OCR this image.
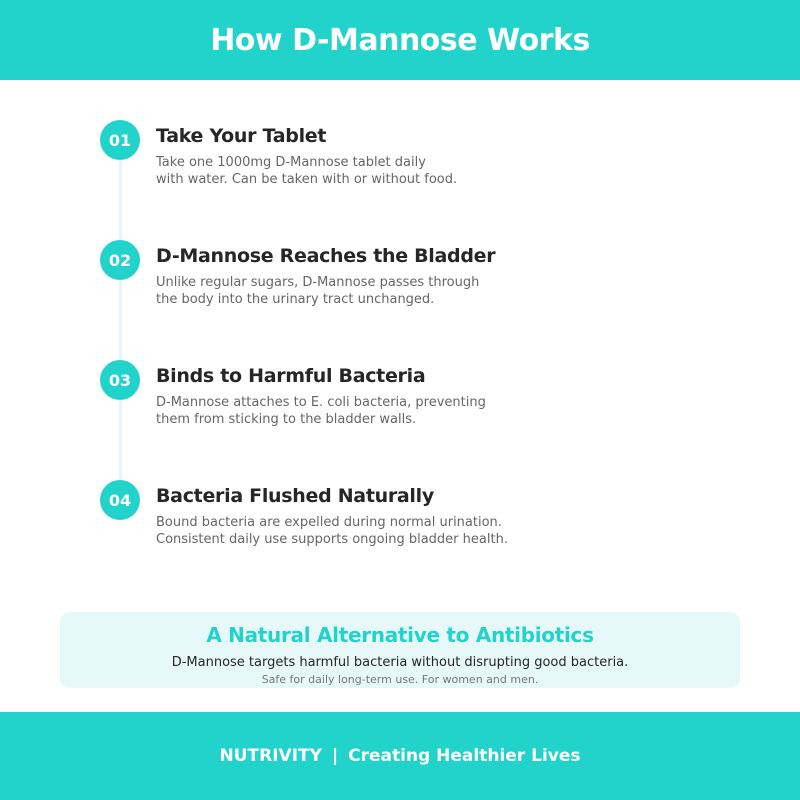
How D-Mannose Works
01	Take Your Tablet
Take one 1000mg D-Mannose tablet daily
with water. Can be taken with or without food.
02	D-Mannose Reaches the Bladder
Unlike regular sugars, D-Mannose passes through
the body into the urinary tract unchanged.
03	Binds to Harmful Bacteria
D-Mannose attaches to E. coli bacteria, preventing
them from sticking to the bladder walls.
04	Bacteria Flushed Naturally
Bound bacteria are expelled during normal urination.
Consistent daily use supports ongoing bladder health.
A Natural Alternative to Antibiotics
D-Mannose targets harmful bacteria without disrupting good bacteria.
Safe for daily long-term use. For women and men.
NUTRIVITY | Creating Healthier Lives
